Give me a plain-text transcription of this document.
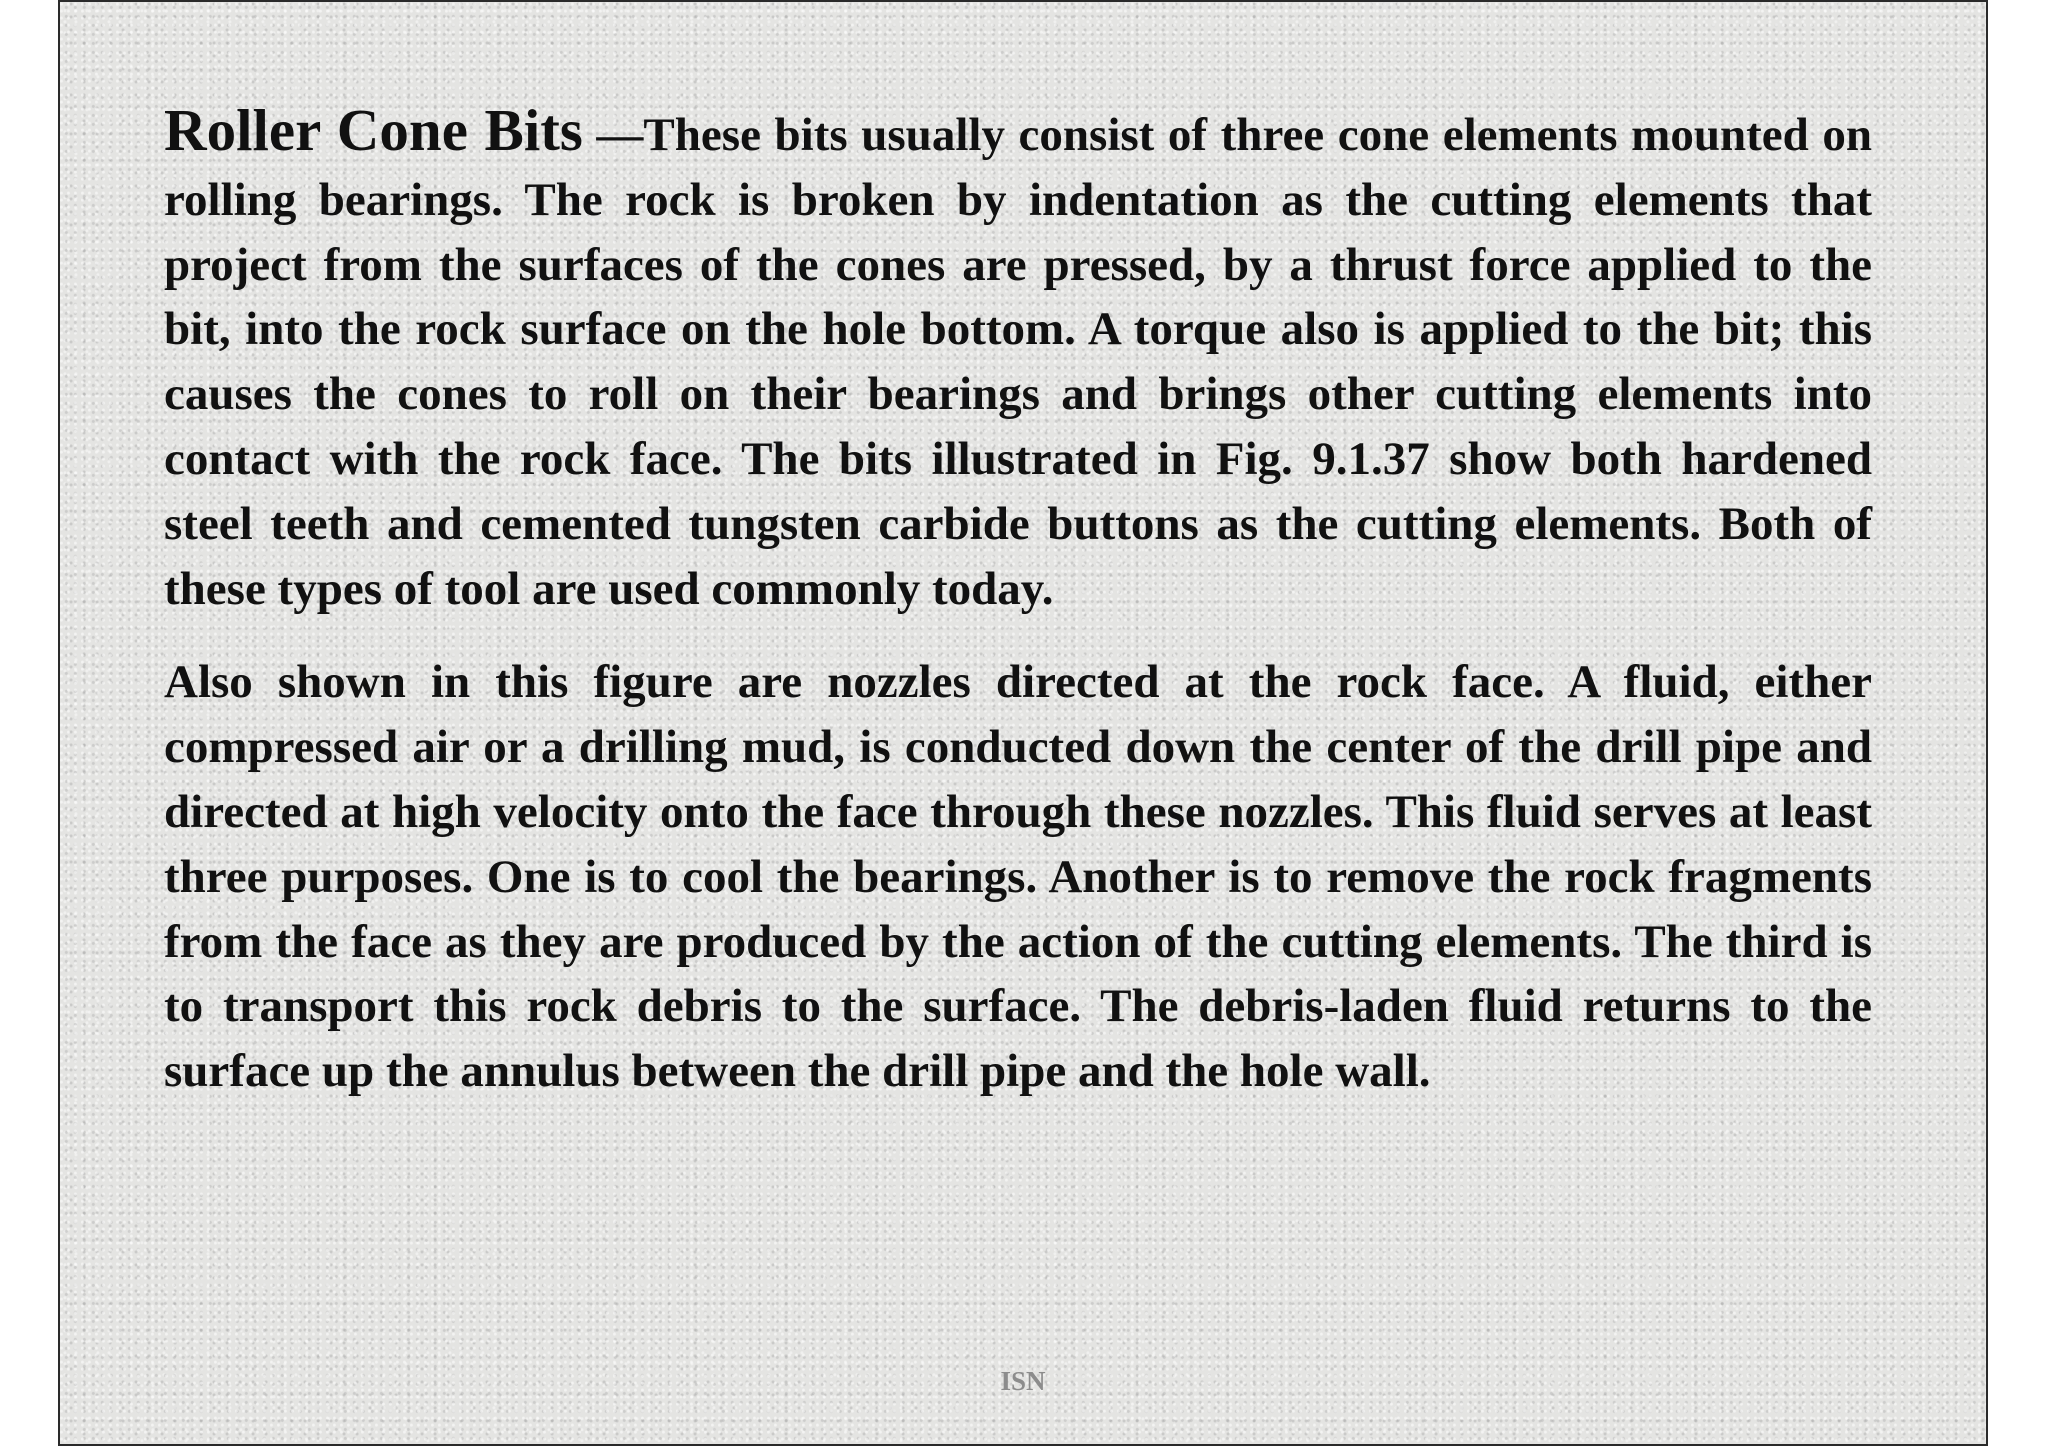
Roller Cone Bits —These bits usually consist of three cone elements mounted on rolling bearings. The rock is broken by indentation as the cutting elements that project from the surfaces of the cones are pressed, by a thrust force applied to the bit, into the rock surface on the hole bottom. A torque also is applied to the bit; this causes the cones to roll on their bearings and brings other cutting elements into contact with the rock face. The bits illustrated in Fig. 9.1.37 show both hardened steel teeth and cemented tungsten carbide buttons as the cutting elements. Both of these types of tool are used commonly today.

Also shown in this figure are nozzles directed at the rock face. A fluid, either compressed air or a drilling mud, is conducted down the center of the drill pipe and directed at high velocity onto the face through these nozzles. This fluid serves at least three purposes. One is to cool the bearings. Another is to remove the rock fragments from the face as they are produced by the action of the cutting elements. The third is to transport this rock debris to the surface. The debris-laden fluid returns to the surface up the annulus between the drill pipe and the hole wall.

ISN
